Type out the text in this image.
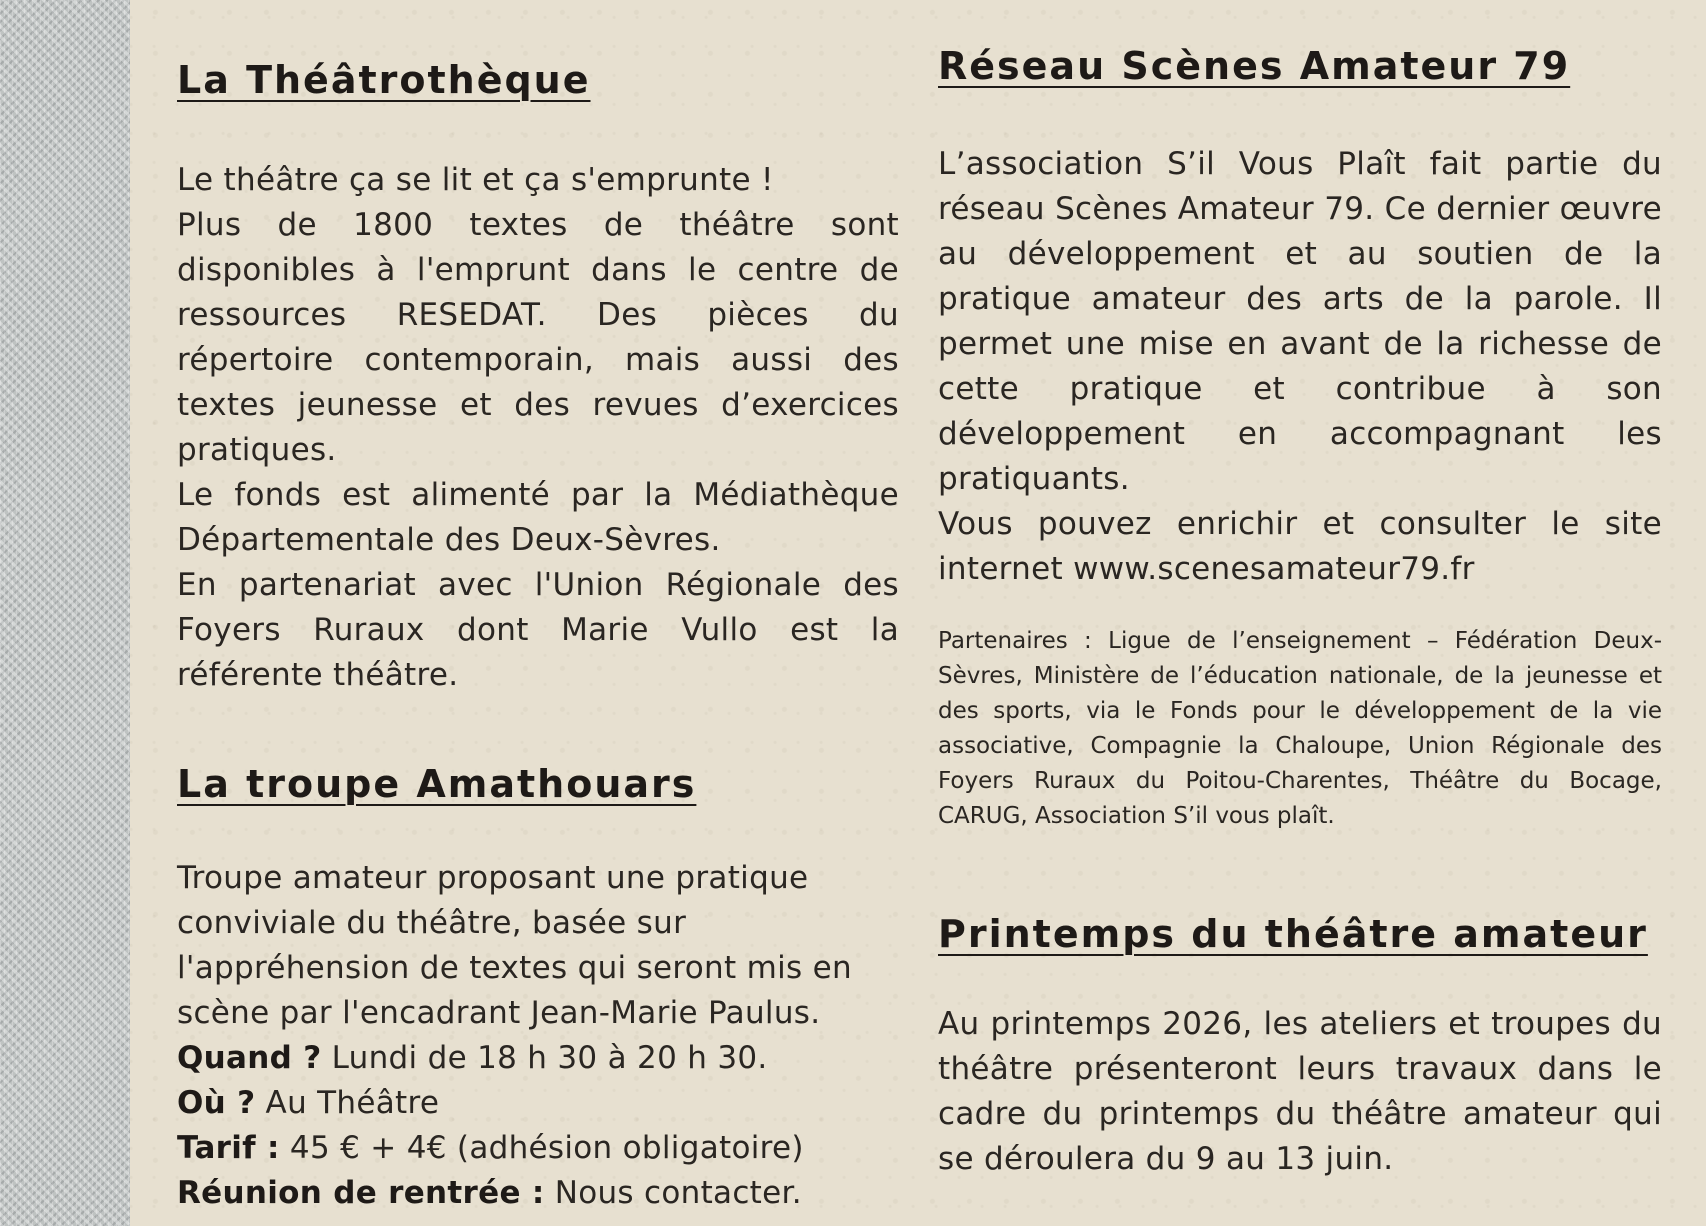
La Théâtrothèque

Le théâtre ça se lit et ça s'emprunte !

Plus de 1800 textes de théâtre sont disponibles à l'emprunt dans le centre de ressources RESEDAT. Des pièces du répertoire contemporain, mais aussi des textes jeunesse et des revues d’exercices pratiques.

Le fonds est alimenté par la Médiathèque Départementale des Deux-Sèvres.

En partenariat avec l'Union Régionale des Foyers Ruraux dont Marie Vullo est la référente théâtre.

La troupe Amathouars

Troupe amateur proposant une pratique conviviale du théâtre, basée sur l'appréhension de textes qui seront mis en scène par l'encadrant Jean-Marie Paulus.

Quand ? Lundi de 18 h 30 à 20 h 30.

Où ? Au Théâtre

Tarif : 45 € + 4€ (adhésion obligatoire)

Réunion de rentrée : Nous contacter.

Réseau Scènes Amateur 79

L’association S’il Vous Plaît fait partie du réseau Scènes Amateur 79. Ce dernier œuvre au développement et au soutien de la pratique amateur des arts de la parole. Il permet une mise en avant de la richesse de cette pratique et contribue à son développement en accompagnant les pratiquants.

Vous pouvez enrichir et consulter le site internet www.scenesamateur79.fr

Partenaires : Ligue de l’enseignement – Fédération Deux-Sèvres, Ministère de l’éducation nationale, de la jeunesse et des sports, via le Fonds pour le développement de la vie associative, Compagnie la Chaloupe, Union Régionale des Foyers Ruraux du Poitou-Charentes, Théâtre du Bocage, CARUG, Association S’il vous plaît.

Printemps du théâtre amateur

Au printemps 2026, les ateliers et troupes du théâtre présenteront leurs travaux dans le cadre du printemps du théâtre amateur qui se déroulera du 9 au 13 juin.
